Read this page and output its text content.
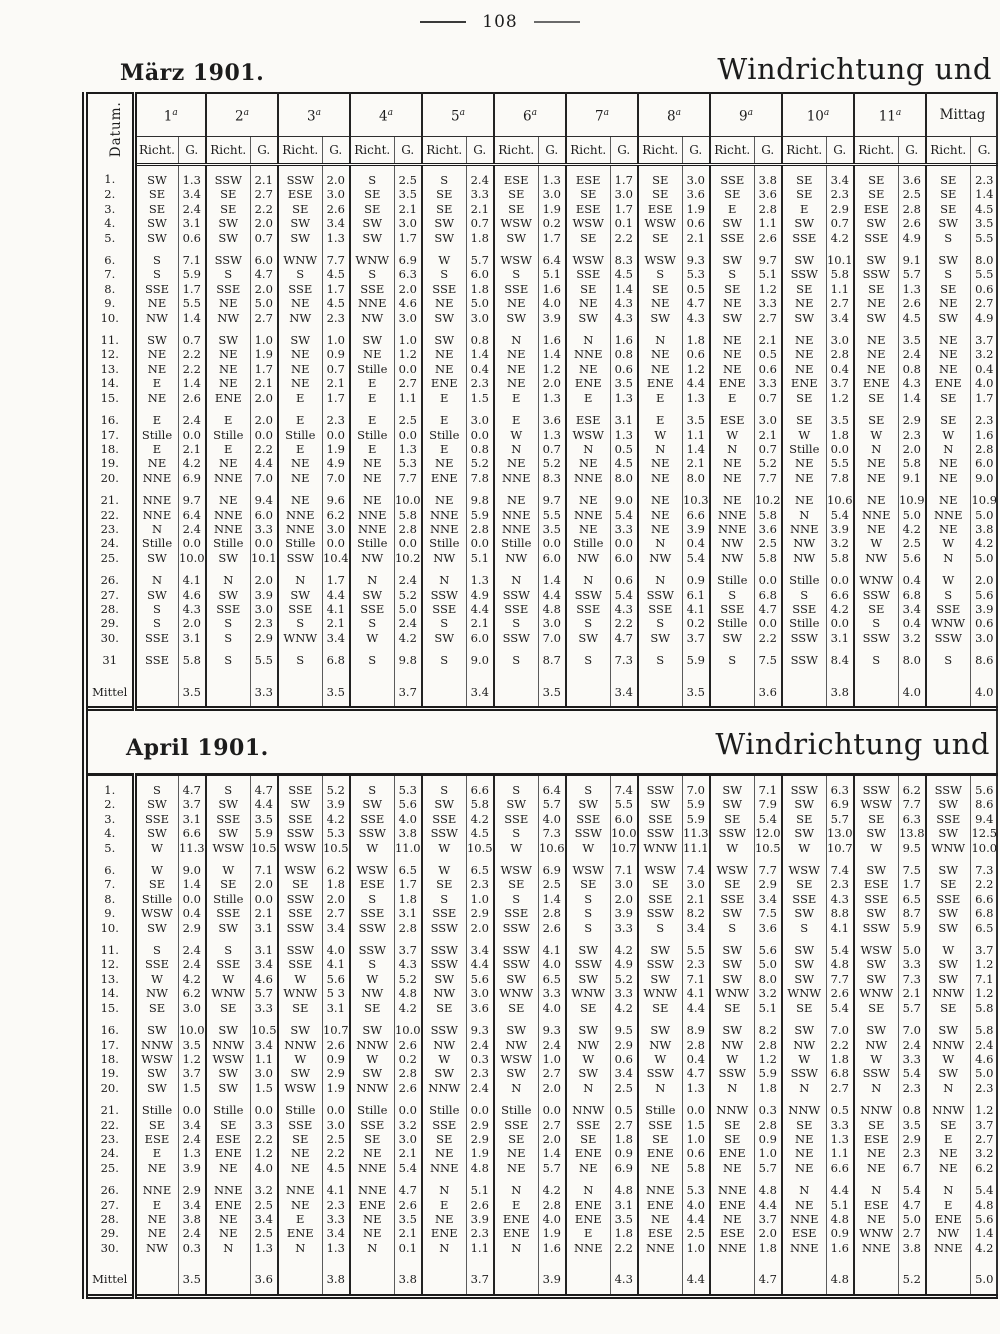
108
März 1901.	Windrichtung und
Datum.	1$^a$		2$^a$		3$^a$		4$^a$		5$^a$		6$^a$		7$^a$		8$^a$		9$^a$		10$^a$		11$^a$		Mittag	
	Richt.	G.	Richt.	G.	Richt.	G.	Richt.	G.	Richt.	G.	Richt.	G.	Richt.	G.	Richt.	G.	Richt.	G.	Richt.	G.	Richt.	G.	Richt.	G.
1.	SW	1.3	SSW	2.1	SSW	2.0	S	2.5	S	2.4	ESE	1.3	ESE	1.7	SE	3.0	SSE	3.8	SE	3.4	SE	3.6	SE	2.3
2.	SE	3.4	SE	2.7	ESE	3.0	SE	3.5	SE	3.3	SE	3.0	SE	3.0	SE	3.6	SE	3.6	SE	2.3	SE	2.5	SE	1.4
3.	SE	2.4	SE	2.2	SE	2.6	SE	2.1	SE	2.1	SE	1.9	ESE	1.7	ESE	1.9	E	2.8	E	2.9	ESE	2.8	SE	4.5
4.	SW	3.1	SW	2.0	SW	3.4	SW	3.0	SW	0.7	WSW	0.2	WSW	0.1	WSW	0.6	SW	1.1	SW	0.7	SW	2.6	SW	3.5
5.	SW	0.6	SW	0.7	SW	1.3	SW	1.7	SW	1.8	SW	1.7	SE	2.2	SE	2.1	SSE	2.6	SSE	4.2	SSE	4.9	S	5.5
6.	S	7.1	SSW	6.0	WNW	7.7	WNW	6.9	W	5.7	WSW	6.4	WSW	8.3	WSW	9.3	SW	9.7	SW	10.1	SW	9.1	SW	8.0
7.	S	5.9	S	4.7	S	4.5	S	6.3	S	6.0	S	5.1	SSE	4.5	S	5.3	S	5.1	SSW	5.8	SSW	5.7	S	5.5
8.	SSE	1.7	SSE	2.0	SSE	1.7	SSE	2.0	SSE	1.8	SSE	1.6	SE	1.4	SE	0.5	SE	1.2	SE	1.1	SE	1.3	SE	0.6
9.	NE	5.5	NE	5.0	NE	4.5	NNE	4.6	NE	5.0	NE	4.0	NE	4.3	NE	4.7	NE	3.3	NE	2.7	NE	2.6	NE	2.7
10.	NW	1.4	NW	2.7	NW	2.3	NW	3.0	SW	3.0	SW	3.9	SW	4.3	SW	4.3	SW	2.7	SW	3.4	SW	4.5	SW	4.9
11.	SW	0.7	SW	1.0	SW	1.0	SW	1.0	SW	0.8	N	1.6	N	1.6	N	1.8	NE	2.1	NE	3.0	NE	3.5	NE	3.7
12.	NE	2.2	NE	1.9	NE	0.9	NE	1.2	NE	1.4	NE	1.4	NNE	0.8	NE	0.6	NE	0.5	NE	2.8	NE	2.4	NE	3.2
13.	NE	2.2	NE	1.7	NE	0.7	Stille	0.0	NE	0.4	NE	1.2	NE	0.6	NE	1.2	NE	0.6	NE	0.4	NE	0.8	NE	0.4
14.	E	1.4	NE	2.1	NE	2.1	E	2.7	ENE	2.3	NE	2.0	ENE	3.5	ENE	4.4	ENE	3.3	ENE	3.7	ENE	4.3	ENE	4.0
15.	NE	2.6	ENE	2.0	E	1.7	E	1.1	E	1.5	E	1.3	E	1.3	E	1.3	E	0.7	SE	1.2	SE	1.4	SE	1.7
16.	E	2.4	E	2.0	E	2.3	E	2.5	E	3.0	E	3.6	ESE	3.1	E	3.5	ESE	3.0	SE	3.5	SE	2.9	SE	2.3
17.	Stille	0.0	Stille	0.0	Stille	0.0	Stille	0.0	Stille	0.0	W	1.3	WSW	1.3	W	1.1	W	2.1	W	1.8	W	2.3	W	1.6
18.	E	2.1	E	2.2	E	1.9	E	1.3	E	0.8	N	0.7	N	0.5	N	1.4	N	0.7	Stille	0.0	N	2.0	N	2.8
19.	NE	4.2	NE	4.4	NE	4.9	NE	5.3	NE	5.2	NE	5.2	NE	4.5	NE	2.1	NE	5.2	NE	5.5	NE	5.8	NE	6.0
20.	NNE	6.9	NNE	7.0	NE	7.0	NE	7.7	ENE	7.8	NNE	8.3	NNE	8.0	NE	8.0	NE	7.7	NE	7.8	NE	9.1	NE	9.0
21.	NNE	9.7	NE	9.4	NE	9.6	NE	10.0	NE	9.8	NE	9.7	NE	9.0	NE	10.3	NE	10.2	NE	10.6	NE	10.9	NE	10.9
22.	NNE	6.4	NNE	6.0	NNE	6.2	NNE	5.8	NNE	5.9	NNE	5.5	NNE	5.4	NE	6.6	NNE	5.8	N	5.4	NNE	5.0	NNE	5.0
23.	N	2.4	NNE	3.3	NNE	3.0	NNE	2.8	NNE	2.8	NNE	3.5	NE	3.3	NE	3.9	NNE	3.6	NNE	3.9	NE	4.2	NE	3.8
24.	Stille	0.0	Stille	0.0	Stille	0.0	Stille	0.0	Stille	0.0	Stille	0.0	Stille	0.0	N	0.4	NW	2.5	NW	3.2	W	2.5	W	4.2
25.	SW	10.0	SW	10.1	SSW	10.4	NW	10.2	NW	5.1	NW	6.0	NW	6.0	NW	5.4	NW	5.8	NW	5.8	NW	5.6	N	5.0
26.	N	4.1	N	2.0	N	1.7	N	2.4	N	1.3	N	1.4	N	0.6	N	0.9	Stille	0.0	Stille	0.0	WNW	0.4	W	2.0
27.	SW	4.6	SW	3.9	SW	4.4	SW	5.2	SSW	4.9	SSW	4.4	SSW	5.4	SSW	6.1	S	6.8	S	6.6	SSW	6.8	S	5.6
28.	S	4.3	SSE	3.0	SSE	4.1	SSE	5.0	SSE	4.4	SSE	4.8	SSE	4.3	SSE	4.1	SSE	4.7	SSE	4.2	SE	3.4	SSE	3.9
29.	S	2.0	S	2.3	S	2.1	S	2.4	S	2.1	S	3.0	S	2.2	S	0.2	Stille	0.0	Stille	0.0	S	0.4	WNW	0.6
30.	SSE	3.1	S	2.9	WNW	3.4	W	4.2	SW	6.0	SSW	7.0	SW	4.7	SW	3.7	SW	2.2	SSW	3.1	SSW	3.2	SSW	3.0
31	SSE	5.8	S	5.5	S	6.8	S	9.8	S	9.0	S	8.7	S	7.3	S	5.9	S	7.5	SSW	8.4	S	8.0	S	8.6
Mittel		3.5		3.3		3.5		3.7		3.4		3.5		3.4		3.5		3.6		3.8		4.0		4.0
April 1901.	Windrichtung und
1.	S	4.7	S	4.7	SSE	5.2	S	5.3	S	6.6	S	6.4	S	7.4	SSW	7.0	SW	7.1	SSW	6.3	SSW	6.2	SSW	5.6
2.	SW	3.7	SW	4.4	SW	3.9	SW	5.6	SW	5.8	SW	5.7	SW	5.5	SW	5.9	SW	7.9	SW	6.9	WSW	7.7	SW	8.6
3.	SSE	3.1	SSE	3.5	SSE	4.2	SSE	4.0	SSE	4.2	SSE	4.0	SSE	6.0	SSE	5.9	SE	5.4	SE	5.7	SE	6.3	SSE	9.4
4.	SW	6.6	SW	5.9	SSW	5.3	SSW	3.8	SSW	4.5	S	7.3	SSW	10.0	SSW	11.3	SSW	12.0	SW	13.0	SW	13.8	SW	12.5
5.	W	11.3	WSW	10.5	WSW	10.5	W	11.0	W	10.5	W	10.6	W	10.7	WNW	11.1	W	10.5	W	10.7	W	9.5	WNW	10.0
6.	W	9.0	W	7.1	WSW	6.2	WSW	6.5	W	6.5	WSW	6.9	WSW	7.1	WSW	7.4	WSW	7.7	WSW	7.4	SW	7.5	SW	7.3
7.	SE	1.4	SE	2.0	SE	1.8	ESE	1.7	SE	2.3	SE	2.5	SE	3.0	SE	3.0	SE	2.9	SE	2.3	ESE	1.7	SE	2.2
8.	Stille	0.0	Stille	0.0	SSW	2.0	S	1.8	S	1.0	S	1.4	S	2.0	SSE	2.1	SSE	3.4	SSE	4.3	SSE	6.5	SSE	6.6
9.	WSW	0.4	SSE	2.1	SSE	2.7	SSE	3.1	SSE	2.9	SSE	2.8	S	3.9	SSW	8.2	SW	7.5	SW	8.8	SW	8.7	SW	6.8
10.	SW	2.9	SW	3.1	SSW	3.4	SSW	2.8	SSW	2.0	SSW	2.6	S	3.3	S	3.4	S	3.6	S	4.1	SSW	5.9	SW	6.5
11.	S	2.4	S	3.1	SSW	4.0	SSW	3.7	SSW	3.4	SSW	4.1	SW	4.2	SW	5.5	SW	5.6	SW	5.4	WSW	5.0	W	3.7
12.	SSE	2.4	SSE	3.4	SSE	4.1	S	4.3	SSW	4.4	SSW	4.0	SSW	4.9	SSW	2.3	SW	5.0	SW	4.8	SW	3.3	SW	1.2
13.	W	4.2	W	4.6	W	5.6	W	5.2	SW	5.6	SW	6.5	SW	5.2	SW	7.1	SW	8.0	SW	7.7	SW	7.3	SW	7.1
14.	NW	6.2	WNW	5.7	WNW	5 3	NW	4.8	NW	3.0	WNW	3.3	WNW	3.3	WNW	4.1	WNW	3.2	WNW	2.6	WNW	2.1	NNW	1.2
15.	SE	3.0	SE	3.3	SE	3.1	SE	4.2	SE	3.6	SE	4.0	SE	4.2	SE	4.4	SE	5.1	SE	5.4	SE	5.7	SE	5.8
16.	SW	10.0	SW	10.5	SW	10.7	SW	10.0	SSW	9.3	SW	9.3	SW	9.5	SW	8.9	SW	8.2	SW	7.0	SW	7.0	SW	5.8
17.	NNW	3.5	NNW	3.4	NNW	2.6	NNW	2.6	NW	2.4	NW	2.4	NW	2.9	NW	2.8	NW	2.8	NW	2.2	NW	2.4	NNW	2.4
18.	WSW	1.2	WSW	1.1	W	0.9	W	0.2	W	0.3	WSW	1.0	W	0.6	W	0.4	W	1.2	W	1.8	W	3.3	W	4.6
19.	SW	3.7	SW	3.0	SW	2.9	SW	2.8	SW	2.3	SW	2.7	SW	3.4	SSW	4.7	SSW	5.9	SSW	6.8	SSW	5.4	SW	5.0
20.	SW	1.5	SW	1.5	WSW	1.9	NNW	2.6	NNW	2.4	N	2.0	N	2.5	N	1.3	N	1.8	N	2.7	N	2.3	N	2.3
21.	Stille	0.0	Stille	0.0	Stille	0.0	Stille	0.0	Stille	0.0	Stille	0.0	NNW	0.5	Stille	0.0	NNW	0.3	NNW	0.5	NNW	0.8	NNW	1.2
22.	SE	3.4	SE	3.3	SSE	3.0	SSE	3.2	SSE	2.9	SSE	2.7	SSE	2.7	SSE	1.5	SE	2.8	SE	3.3	SE	3.5	SE	3.7
23.	ESE	2.4	ESE	2.2	SE	2.5	SE	3.0	SE	2.9	SE	2.0	SE	1.8	SE	1.0	SE	0.9	NE	1.3	ESE	2.9	E	2.7
24.	E	1.3	ENE	1.2	NE	2.2	NE	2.1	NE	1.9	NE	1.4	ENE	0.9	ENE	0.6	ENE	1.0	NE	1.1	NE	2.3	NE	3.2
25.	NE	3.9	NE	4.0	NE	4.5	NNE	5.4	NNE	4.8	NE	5.7	NE	6.9	NE	5.8	NE	5.7	NE	6.6	NE	6.7	NE	6.2
26.	NNE	2.9	NNE	3.2	NNE	4.1	NNE	4.7	N	5.1	N	4.2	N	4.8	NNE	5.3	NNE	4.8	N	4.4	N	5.4	N	5.4
27.	E	3.4	ENE	2.5	NE	2.3	ENE	2.6	E	2.6	E	2.8	ENE	3.1	ENE	4.0	ENE	4.4	NE	5.1	ESE	4.7	E	4.8
28.	NE	3.8	NE	3.4	E	3.3	NE	3.5	NE	3.9	ENE	4.0	ENE	3.5	NE	4.4	NE	3.7	NNE	4.8	NE	5.0	ENE	5.6
29.	NE	2.4	NE	2.5	ENE	3.4	NE	2.1	ENE	2.3	ENE	1.9	E	1.8	ESE	2.5	ESE	2.0	ESE	0.9	WNW	2.7	NW	1.4
30.	NW	0.3	N	1.3	N	1.3	N	0.1	N	1.1	N	1.6	NNE	2.2	NNE	1.0	NNE	1.8	NNE	1.6	NNE	3.8	NNE	4.2
Mittel		3.5		3.6		3.8		3.8		3.7		3.9		4.3		4.4		4.7		4.8		5.2		5.0
